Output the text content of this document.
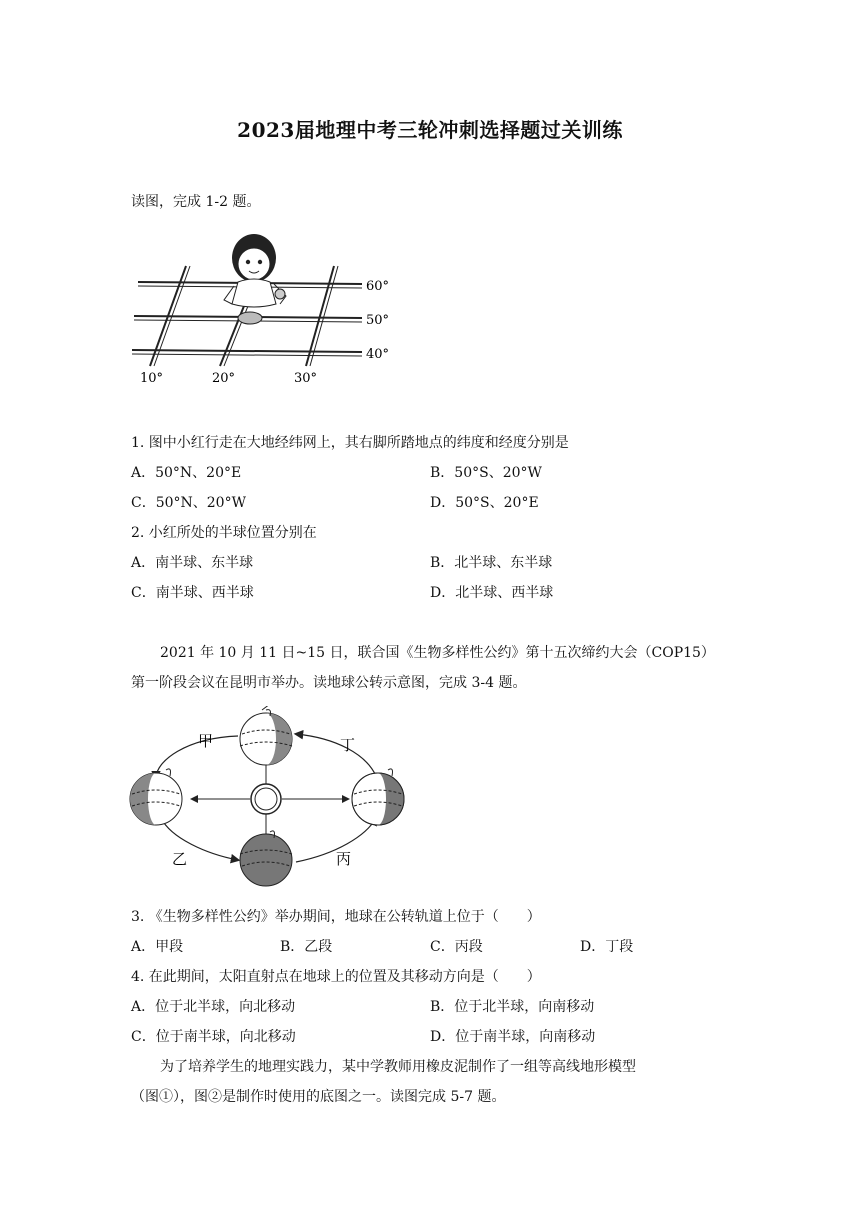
2023届地理中考三轮冲刺选择题过关训练
读图，完成 1-2 题。
60°
50°
40°
10°	20°	30°
1. 图中小红行走在大地经纬网上，其右脚所踏地点的纬度和经度分别是
A．50°N、20°E	B．50°S、20°W
C．50°N、20°W	D．50°S、20°E
2. 小红所处的半球位置分别在
A．南半球、东半球	B．北半球、东半球
C．南半球、西半球	D．北半球、西半球
2021 年 10 月 11 日~15 日，联合国《生物多样性公约》第十五次缔约大会（COP15）
第一阶段会议在昆明市举办。读地球公转示意图，完成 3-4 题。
甲	丁
乙	丙
3. 《生物多样性公约》举办期间，地球在公转轨道上位于（　　）
A．甲段	B．乙段	C．丙段	D．丁段
4. 在此期间，太阳直射点在地球上的位置及其移动方向是（　　）
A．位于北半球，向北移动	B．位于北半球，向南移动
C．位于南半球，向北移动	D．位于南半球，向南移动
为了培养学生的地理实践力，某中学教师用橡皮泥制作了一组等高线地形模型
（图①），图②是制作时使用的底图之一。读图完成 5-7 题。
